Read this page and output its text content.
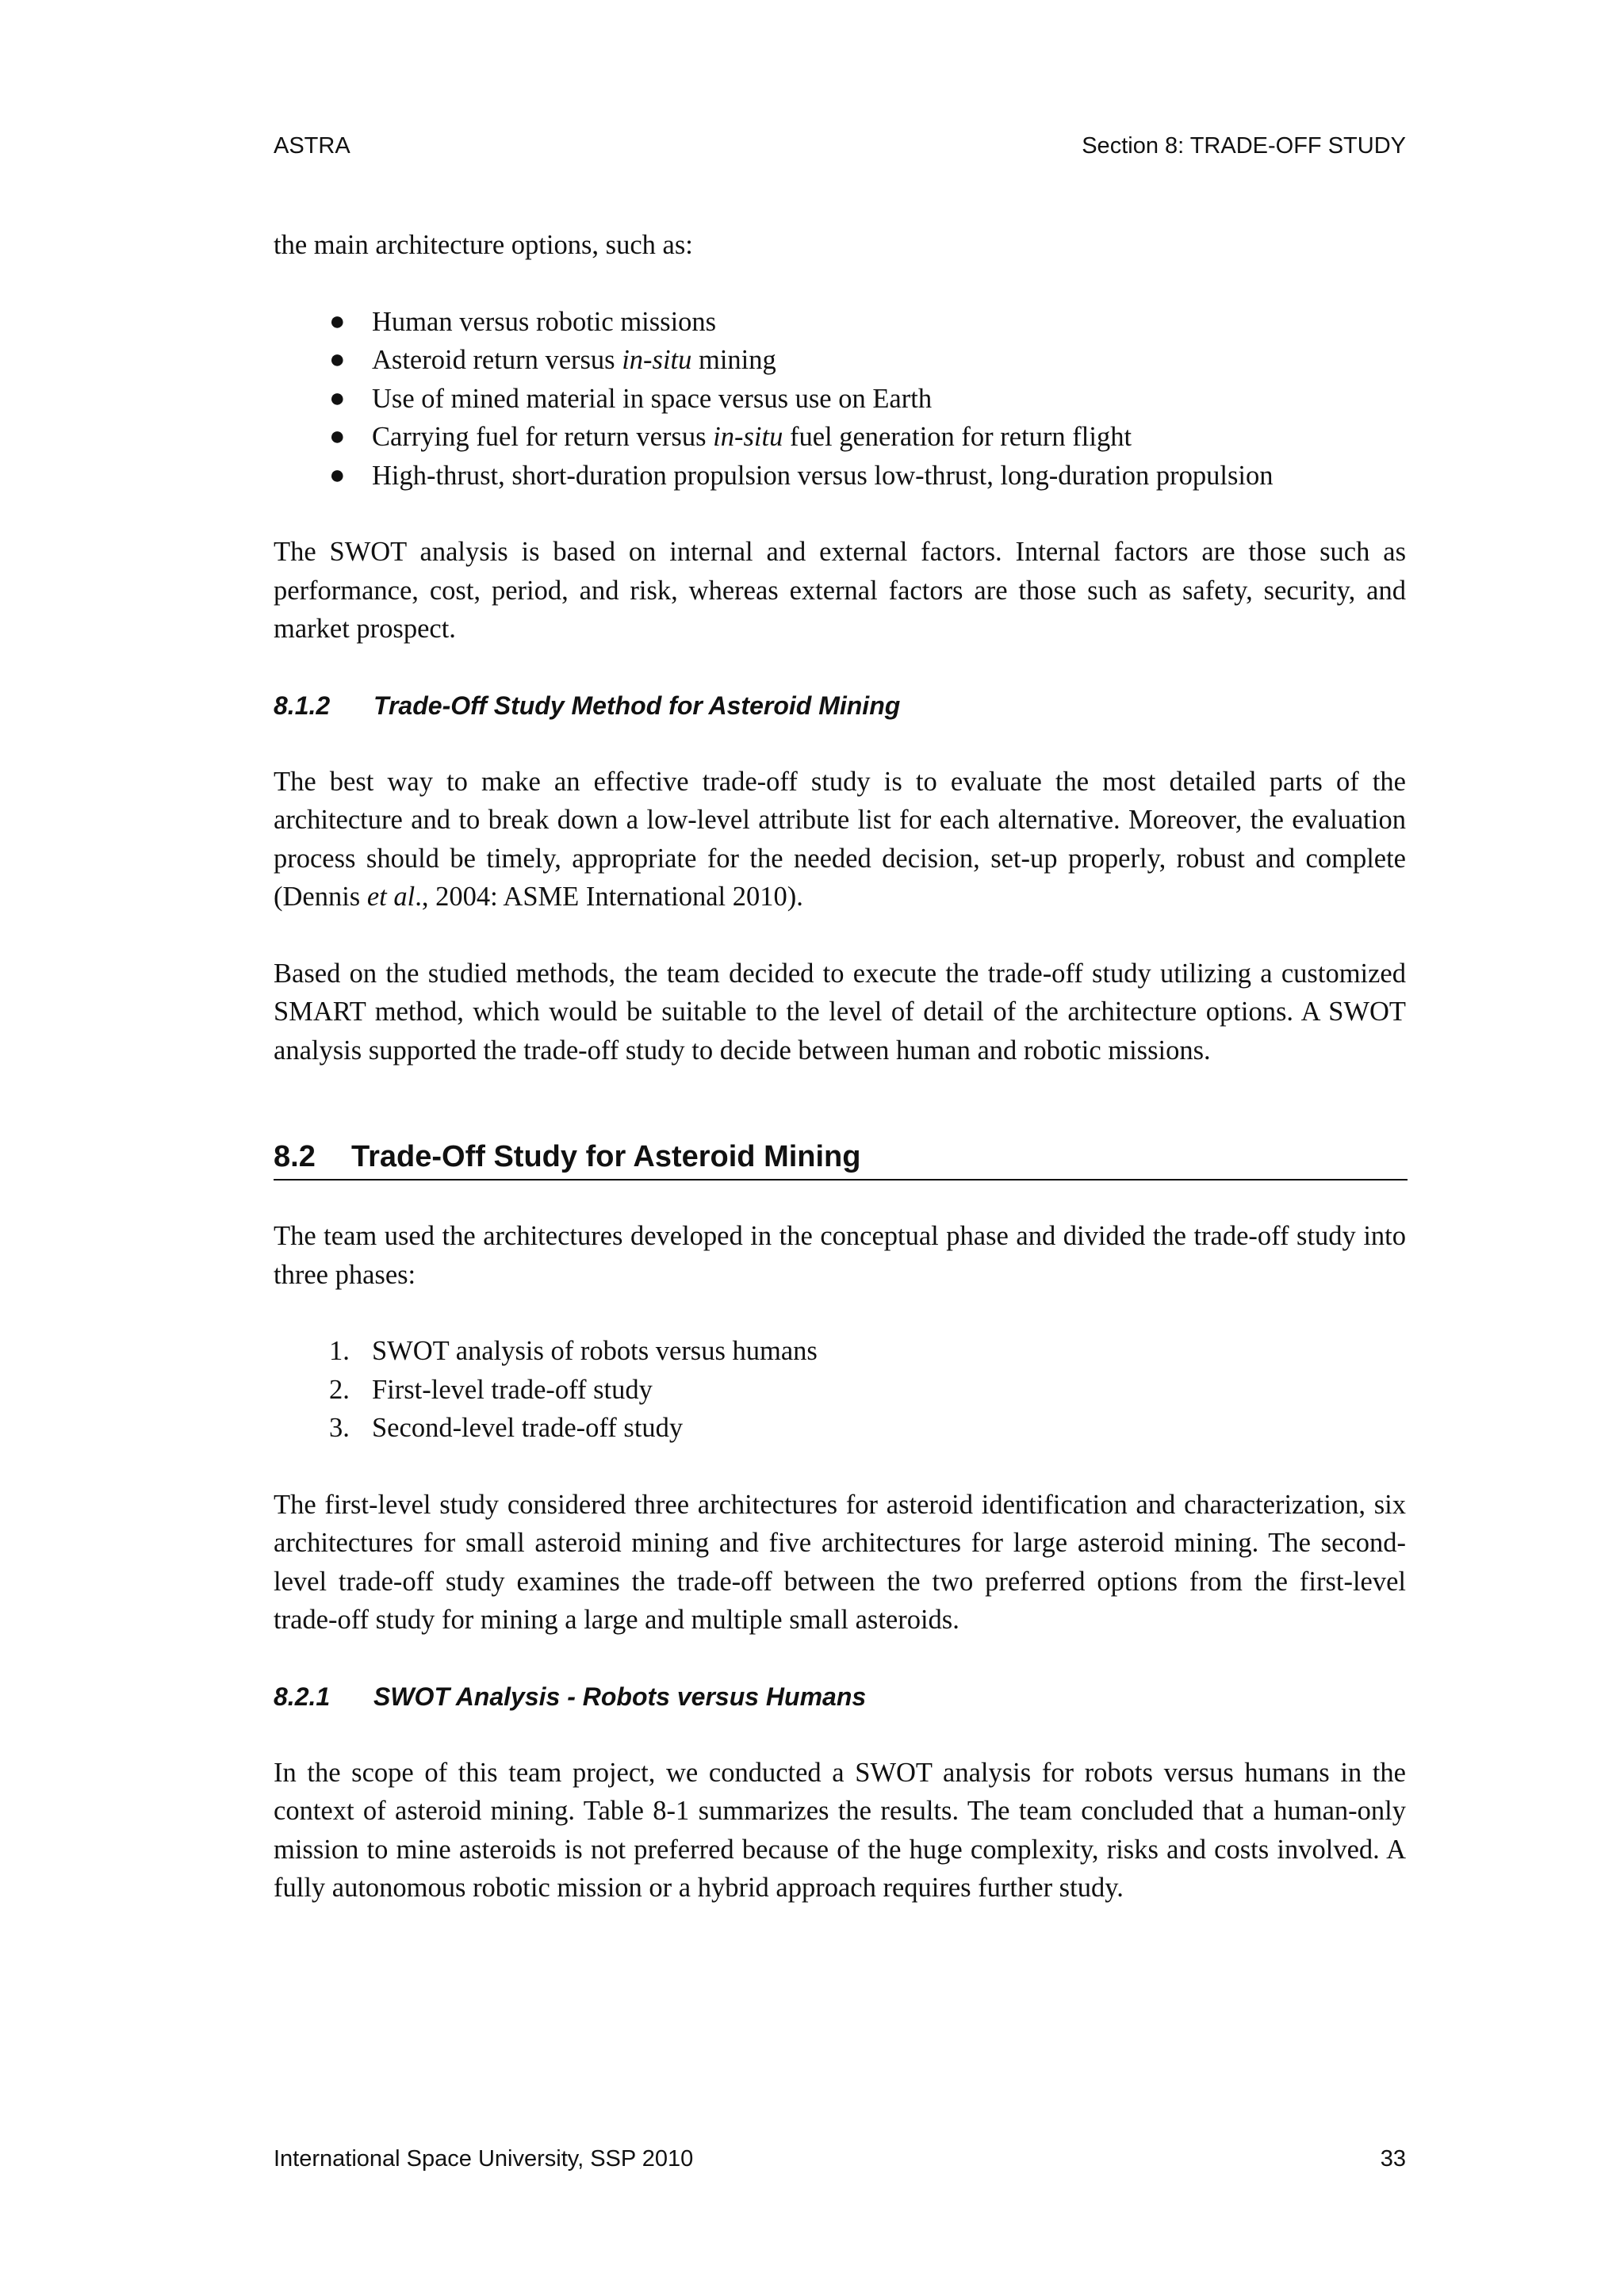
ASTRA	Section 8: TRADE-OFF STUDY

the main architecture options, such as:

● Human versus robotic missions
● Asteroid return versus in-situ mining
● Use of mined material in space versus use on Earth
● Carrying fuel for return versus in-situ fuel generation for return flight
● High-thrust, short-duration propulsion versus low-thrust, long-duration propulsion

The SWOT analysis is based on internal and external factors. Internal factors are those such as performance, cost, period, and risk, whereas external factors are those such as safety, security, and market prospect.

8.1.2	Trade-Off Study Method for Asteroid Mining

The best way to make an effective trade-off study is to evaluate the most detailed parts of the architecture and to break down a low-level attribute list for each alternative. Moreover, the evaluation process should be timely, appropriate for the needed decision, set-up properly, robust and complete (Dennis et al., 2004: ASME International 2010).

Based on the studied methods, the team decided to execute the trade-off study utilizing a customized SMART method, which would be suitable to the level of detail of the architecture options. A SWOT analysis supported the trade-off study to decide between human and robotic missions.

8.2	Trade-Off Study for Asteroid Mining

The team used the architectures developed in the conceptual phase and divided the trade-off study into three phases:

1. SWOT analysis of robots versus humans
2. First-level trade-off study
3. Second-level trade-off study

The first-level study considered three architectures for asteroid identification and characterization, six architectures for small asteroid mining and five architectures for large asteroid mining. The second-level trade-off study examines the trade-off between the two preferred options from the first-level trade-off study for mining a large and multiple small asteroids.

8.2.1	SWOT Analysis - Robots versus Humans

In the scope of this team project, we conducted a SWOT analysis for robots versus humans in the context of asteroid mining. Table 8-1 summarizes the results. The team concluded that a human-only mission to mine asteroids is not preferred because of the huge complexity, risks and costs involved. A fully autonomous robotic mission or a hybrid approach requires further study.

International Space University, SSP 2010	33
